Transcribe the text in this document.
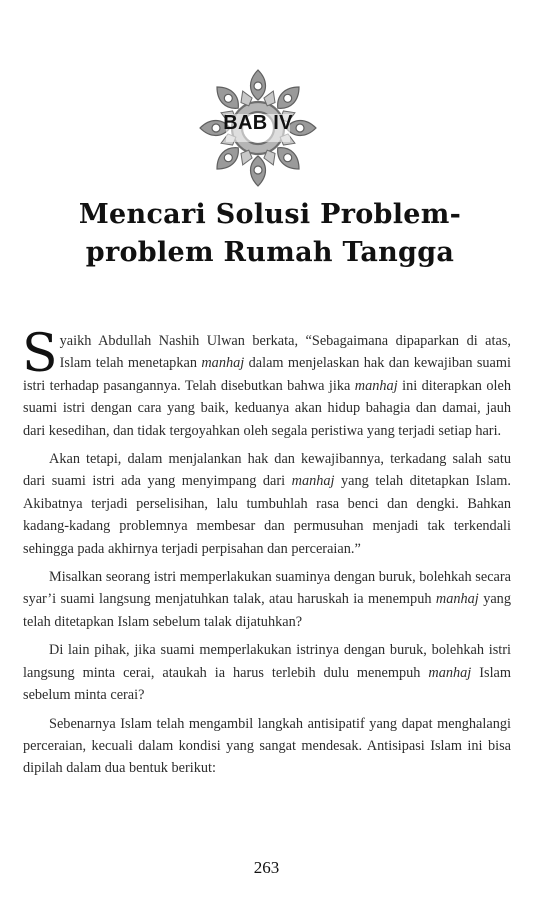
BAB IV
Mencari Solusi Problem-
problem Rumah Tangga

Syaikh Abdullah Nashih Ulwan berkata, “Sebagaimana dipaparkan di atas, Islam telah menetapkan manhaj dalam menjelaskan hak dan kewajiban suami istri terhadap pasangannya. Telah disebutkan bahwa jika manhaj ini diterapkan oleh suami istri dengan cara yang baik, keduanya akan hidup bahagia dan damai, jauh dari kesedihan, dan tidak tergoyahkan oleh segala peristiwa yang terjadi setiap hari.

Akan tetapi, dalam menjalankan hak dan kewajibannya, terkadang salah satu dari suami istri ada yang menyimpang dari manhaj yang telah ditetapkan Islam. Akibatnya terjadi perselisihan, lalu tumbuhlah rasa benci dan dengki. Bahkan kadang-kadang problemnya membesar dan permusuhan menjadi tak terkendali sehingga pada akhirnya terjadi perpisahan dan perceraian.”

Misalkan seorang istri memperlakukan suaminya dengan buruk, bolehkah secara syar’i suami langsung menjatuhkan talak, atau haruskah ia menempuh manhaj yang telah ditetapkan Islam sebelum talak dijatuhkan?

Di lain pihak, jika suami memperlakukan istrinya dengan buruk, bolehkah istri langsung minta cerai, ataukah ia harus terlebih dulu menempuh manhaj Islam sebelum minta cerai?

Sebenarnya Islam telah mengambil langkah antisipatif yang dapat menghalangi perceraian, kecuali dalam kondisi yang sangat mendesak. Antisipasi Islam ini bisa dipilah dalam dua bentuk berikut:

263
